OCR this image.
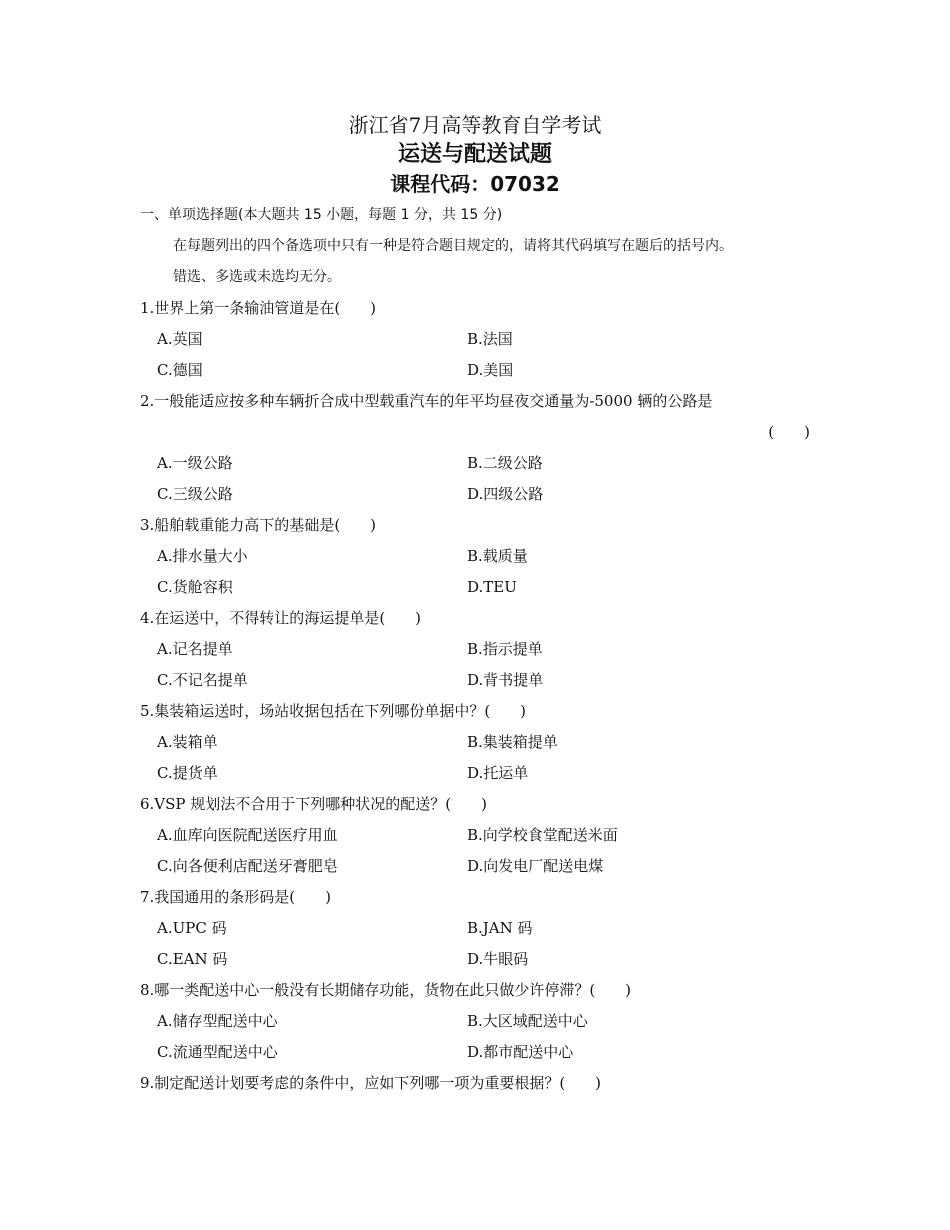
浙江省7月高等教育自学考试
运送与配送试题
课程代码：07032
一、单项选择题(本大题共 15 小题，每题 1 分，共 15 分)
在每题列出的四个备选项中只有一种是符合题目规定的，请将其代码填写在题后的括号内。
错选、多选或未选均无分。
1.世界上第一条输油管道是在(　　)
A.英国	B.法国
C.德国	D.美国
2.一般能适应按多种车辆折合成中型载重汽车的年平均昼夜交通量为-5000 辆的公路是
(　　)
A.一级公路	B.二级公路
C.三级公路	D.四级公路
3.船舶载重能力高下的基础是(　　)
A.排水量大小	B.载质量
C.货舱容积	D.TEU
4.在运送中，不得转让的海运提单是(　　)
A.记名提单	B.指示提单
C.不记名提单	D.背书提单
5.集装箱运送时，场站收据包括在下列哪份单据中？(　　)
A.装箱单	B.集装箱提单
C.提货单	D.托运单
6.VSP 规划法不合用于下列哪种状况的配送？(　　)
A.血库向医院配送医疗用血	B.向学校食堂配送米面
C.向各便利店配送牙膏肥皂	D.向发电厂配送电煤
7.我国通用的条形码是(　　)
A.UPC 码	B.JAN 码
C.EAN 码	D.牛眼码
8.哪一类配送中心一般没有长期储存功能，货物在此只做少许停滞？(　　)
A.储存型配送中心	B.大区域配送中心
C.流通型配送中心	D.都市配送中心
9.制定配送计划要考虑的条件中，应如下列哪一项为重要根据？(　　)
